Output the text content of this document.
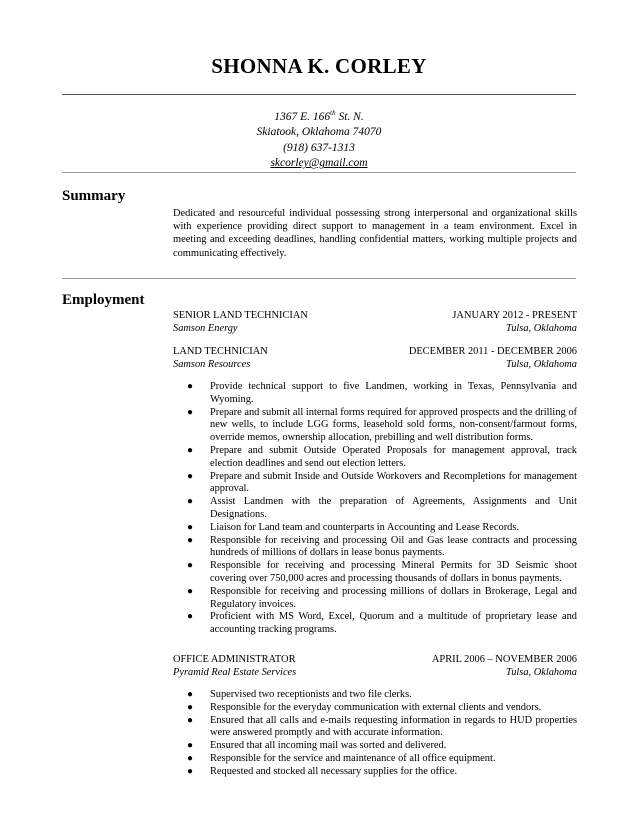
SHONNA K. CORLEY
1367 E. 166th St. N.
Skiatook, Oklahoma 74070
(918) 637-1313
skcorley@gmail.com
Summary
Dedicated and resourceful individual possessing strong interpersonal and organizational skills with experience providing direct support to management in a team environment. Excel in meeting and exceeding deadlines, handling confidential matters, working multiple projects and communicating effectively.
Employment
SENIOR LAND TECHNICIAN	JANUARY 2012 - PRESENT
Samson Energy	Tulsa, Oklahoma
LAND TECHNICIAN	DECEMBER 2011 - DECEMBER 2006
Samson Resources	Tulsa, Oklahoma
● Provide technical support to five Landmen, working in Texas, Pennsylvania and Wyoming.
● Prepare and submit all internal forms required for approved prospects and the drilling of new wells, to include LGG forms, leasehold sold forms, non-consent/farmout forms, override memos, ownership allocation, prebilling and well distribution forms.
● Prepare and submit Outside Operated Proposals for management approval, track election deadlines and send out election letters.
● Prepare and submit Inside and Outside Workovers and Recompletions for management approval.
● Assist Landmen with the preparation of Agreements, Assignments and Unit Designations.
● Liaison for Land team and counterparts in Accounting and Lease Records.
● Responsible for receiving and processing Oil and Gas lease contracts and processing hundreds of millions of dollars in lease bonus payments.
● Responsible for receiving and processing Mineral Permits for 3D Seismic shoot covering over 750,000 acres and processing thousands of dollars in bonus payments.
● Responsible for receiving and processing millions of dollars in Brokerage, Legal and Regulatory invoices.
● Proficient with MS Word, Excel, Quorum and a multitude of proprietary lease and accounting tracking programs.
OFFICE ADMINISTRATOR	APRIL 2006 – NOVEMBER 2006
Pyramid Real Estate Services	Tulsa, Oklahoma
● Supervised two receptionists and two file clerks.
● Responsible for the everyday communication with external clients and vendors.
● Ensured that all calls and e-mails requesting information in regards to HUD properties were answered promptly and with accurate information.
● Ensured that all incoming mail was sorted and delivered.
● Responsible for the service and maintenance of all office equipment.
● Requested and stocked all necessary supplies for the office.
